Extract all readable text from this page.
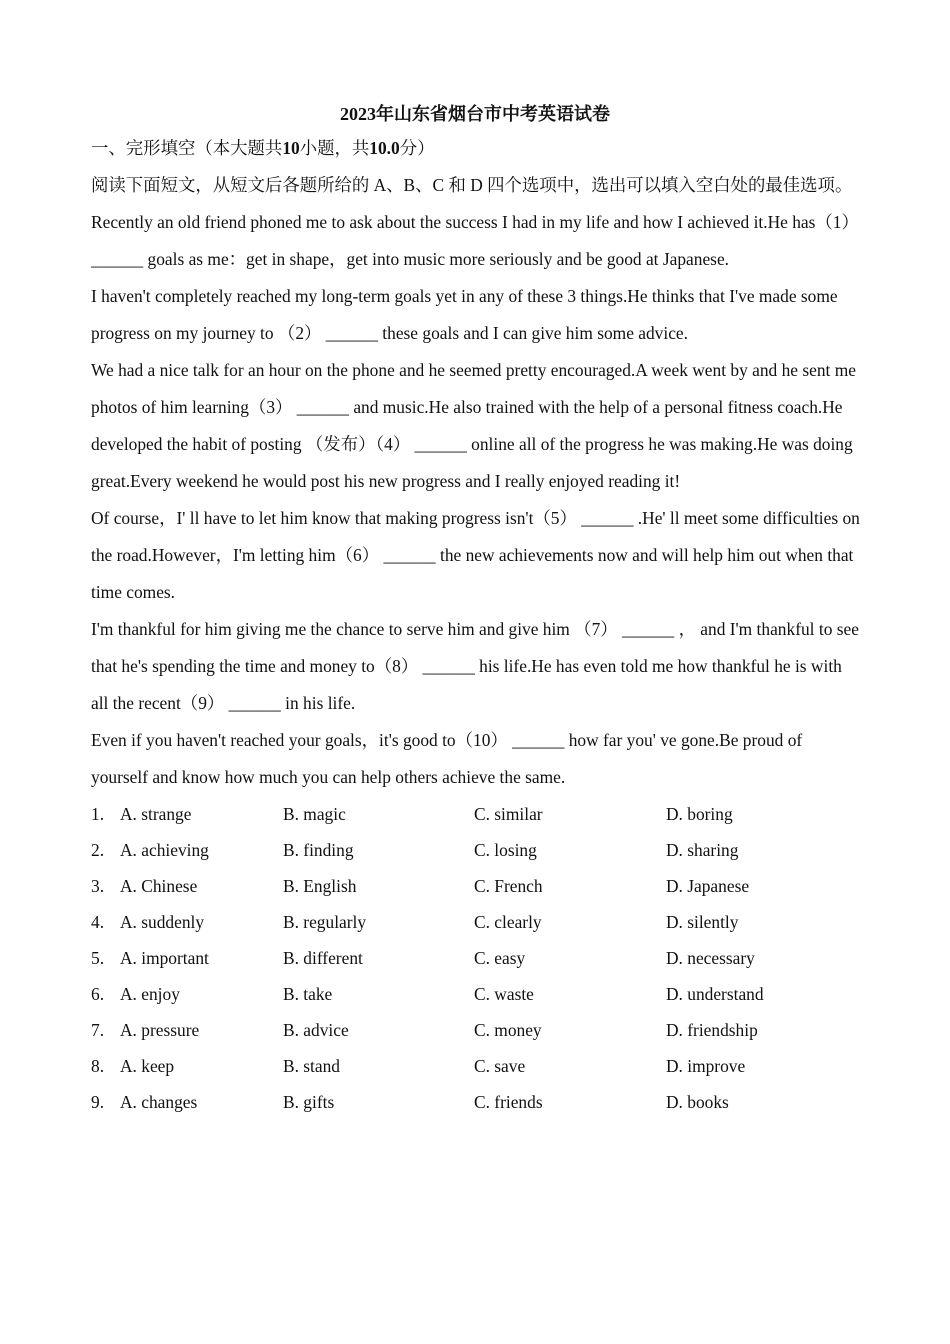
2023年山东省烟台市中考英语试卷

一、完形填空（本大题共10小题，共10.0分）

阅读下面短文，从短文后各题所给的 A、B、C 和 D 四个选项中，选出可以填入空白处的最佳选项。

Recently an old friend phoned me to ask about the success I had in my life and how I achieved it.He has（1） ______ goals as me：get in shape，get into music more seriously and be good at Japanese.

I haven't completely reached my long-term goals yet in any of these 3 things.He thinks that I've made some progress on my journey to （2） ______ these goals and I can give him some advice.

We had a nice talk for an hour on the phone and he seemed pretty encouraged.A week went by and he sent me photos of him learning（3） ______ and music.He also trained with the help of a personal fitness coach.He developed the habit of posting （发布）（4） ______ online all of the progress he was making.He was doing great.Every weekend he would post his new progress and I really enjoyed reading it!

Of course，I' ll have to let him know that making progress isn't（5） ______ .He' ll meet some difficulties on the road.However，I'm letting him（6） ______ the new achievements now and will help him out when that time comes.

I'm thankful for him giving me the chance to serve him and give him （7） ______ ， and I'm thankful to see that he's spending the time and money to（8） ______ his life.He has even told me how thankful he is with all the recent（9） ______ in his life.

Even if you haven't reached your goals，it's good to（10） ______ how far you' ve gone.Be proud of yourself and know how much you can help others achieve the same.

1. A. strange	B. magic	C. similar	D. boring
2. A. achieving	B. finding	C. losing	D. sharing
3. A. Chinese	B. English	C. French	D. Japanese
4. A. suddenly	B. regularly	C. clearly	D. silently
5. A. important	B. different	C. easy	D. necessary
6. A. enjoy	B. take	C. waste	D. understand
7. A. pressure	B. advice	C. money	D. friendship
8. A. keep	B. stand	C. save	D. improve
9. A. changes	B. gifts	C. friends	D. books
